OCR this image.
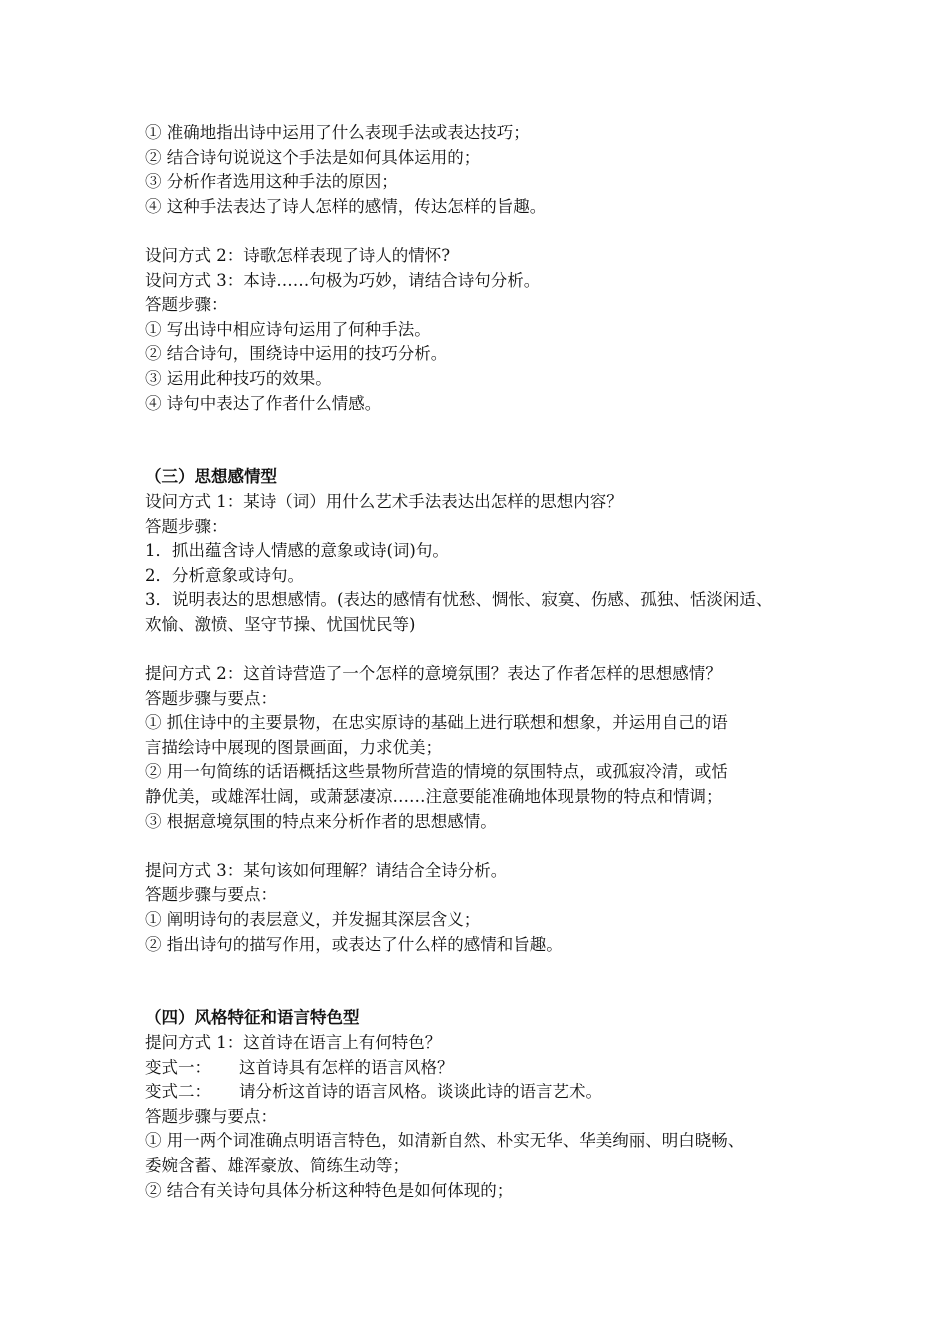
① 准确地指出诗中运用了什么表现手法或表达技巧；
② 结合诗句说说这个手法是如何具体运用的；
③ 分析作者选用这种手法的原因；
④ 这种手法表达了诗人怎样的感情，传达怎样的旨趣。
设问方式 2：诗歌怎样表现了诗人的情怀?
设问方式 3：本诗……句极为巧妙，请结合诗句分析。
答题步骤：
① 写出诗中相应诗句运用了何种手法。
② 结合诗句，围绕诗中运用的技巧分析。
③ 运用此种技巧的效果。
④ 诗句中表达了作者什么情感。
（三）思想感情型
设问方式 1：某诗（词）用什么艺术手法表达出怎样的思想内容？
答题步骤：
1．抓出蕴含诗人情感的意象或诗(词)句。
2．分析意象或诗句。
3．说明表达的思想感情。(表达的感情有忧愁、惆怅、寂寞、伤感、孤独、恬淡闲适、
欢愉、激愤、坚守节操、忧国忧民等)
提问方式 2：这首诗营造了一个怎样的意境氛围？表达了作者怎样的思想感情？
答题步骤与要点：
① 抓住诗中的主要景物，在忠实原诗的基础上进行联想和想象，并运用自己的语
言描绘诗中展现的图景画面，力求优美；
② 用一句简练的话语概括这些景物所营造的情境的氛围特点，或孤寂冷清，或恬
静优美，或雄浑壮阔，或萧瑟凄凉……注意要能准确地体现景物的特点和情调；
③ 根据意境氛围的特点来分析作者的思想感情。
提问方式 3：某句该如何理解？请结合全诗分析。
答题步骤与要点：
① 阐明诗句的表层意义，并发掘其深层含义；
② 指出诗句的描写作用，或表达了什么样的感情和旨趣。
（四）风格特征和语言特色型
提问方式 1：这首诗在语言上有何特色？
变式一： 这首诗具有怎样的语言风格？
变式二： 请分析这首诗的语言风格。谈谈此诗的语言艺术。
答题步骤与要点：
① 用一两个词准确点明语言特色，如清新自然、朴实无华、华美绚丽、明白晓畅、
委婉含蓄、雄浑豪放、简练生动等；
② 结合有关诗句具体分析这种特色是如何体现的；
